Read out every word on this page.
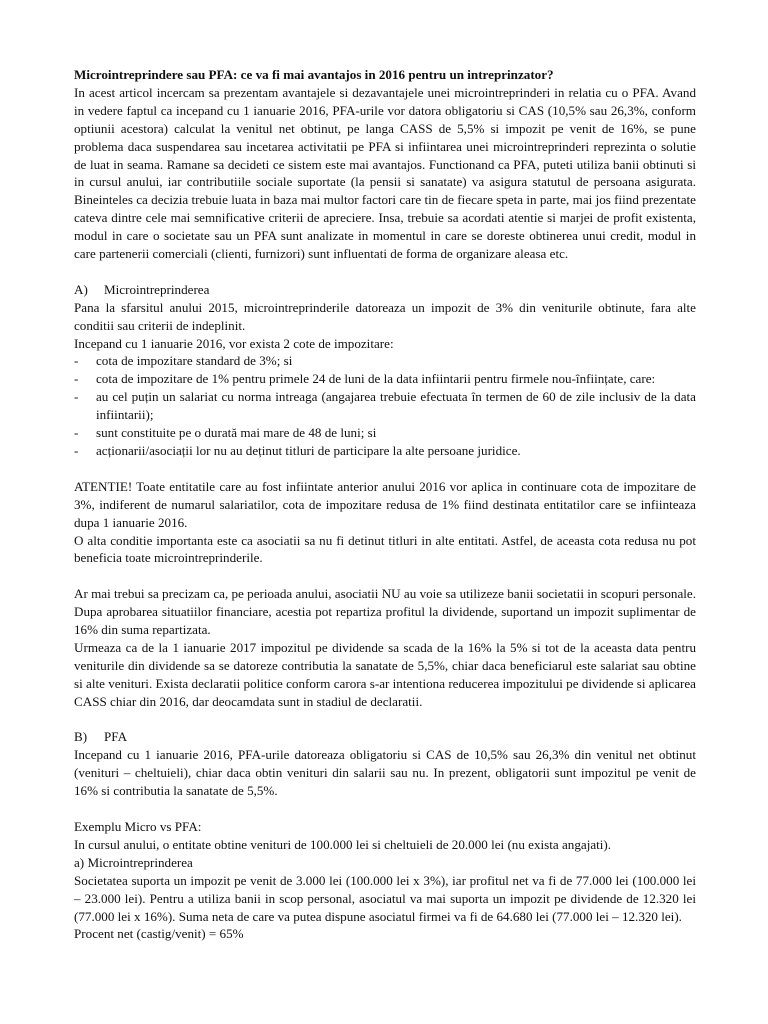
Microintreprindere sau PFA: ce va fi mai avantajos in 2016 pentru un intreprinzator?

In acest articol incercam sa prezentam avantajele si dezavantajele unei microintreprinderi in relatia cu o PFA. Avand in vedere faptul ca incepand cu 1 ianuarie 2016, PFA-urile vor datora obligatoriu si CAS (10,5% sau 26,3%, conform optiunii acestora) calculat la venitul net obtinut, pe langa CASS de 5,5% si impozit pe venit de 16%, se pune problema daca suspendarea sau incetarea activitatii pe PFA si infiintarea unei microintreprinderi reprezinta o solutie de luat in seama. Ramane sa decideti ce sistem este mai avantajos. Functionand ca PFA, puteti utiliza banii obtinuti si in cursul anului, iar contributiile sociale suportate (la pensii si sanatate) va asigura statutul de persoana asigurata. Bineinteles ca decizia trebuie luata in baza mai multor factori care tin de fiecare speta in parte, mai jos fiind prezentate cateva dintre cele mai semnificative criterii de apreciere. Insa, trebuie sa acordati atentie si marjei de profit existenta, modul in care o societate sau un PFA sunt analizate in momentul in care se doreste obtinerea unui credit, modul in care partenerii comerciali (clienti, furnizori) sunt influentati de forma de organizare aleasa etc.

A) Microintreprinderea

Pana la sfarsitul anului 2015, microintreprinderile datoreaza un impozit de 3% din veniturile obtinute, fara alte conditii sau criterii de indeplinit.

Incepand cu 1 ianuarie 2016, vor exista 2 cote de impozitare:

-	cota de impozitare standard de 3%; si
-	cota de impozitare de 1% pentru primele 24 de luni de la data infiintarii pentru firmele nou-înființate, care:
-	au cel puțin un salariat cu norma intreaga (angajarea trebuie efectuata în termen de 60 de zile inclusiv de la data infiintarii);
-	sunt constituite pe o durată mai mare de 48 de luni; si
-	acționarii/asociații lor nu au deținut titluri de participare la alte persoane juridice.

ATENTIE! Toate entitatile care au fost infiintate anterior anului 2016 vor aplica in continuare cota de impozitare de 3%, indiferent de numarul salariatilor, cota de impozitare redusa de 1% fiind destinata entitatilor care se infiinteaza dupa 1 ianuarie 2016.

O alta conditie importanta este ca asociatii sa nu fi detinut titluri in alte entitati. Astfel, de aceasta cota redusa nu pot beneficia toate microintreprinderile.

Ar mai trebui sa precizam ca, pe perioada anului, asociatii NU au voie sa utilizeze banii societatii in scopuri personale. Dupa aprobarea situatiilor financiare, acestia pot repartiza profitul la dividende, suportand un impozit suplimentar de 16% din suma repartizata.

Urmeaza ca de la 1 ianuarie 2017 impozitul pe dividende sa scada de la 16% la 5% si tot de la aceasta data pentru veniturile din dividende sa se datoreze contributia la sanatate de 5,5%, chiar daca beneficiarul este salariat sau obtine si alte venituri. Exista declaratii politice conform carora s-ar intentiona reducerea impozitului pe dividende si aplicarea CASS chiar din 2016, dar deocamdata sunt in stadiul de declaratii.

B) PFA

Incepand cu 1 ianuarie 2016, PFA-urile datoreaza obligatoriu si CAS de 10,5% sau 26,3% din venitul net obtinut (venituri – cheltuieli), chiar daca obtin venituri din salarii sau nu. In prezent, obligatorii sunt impozitul pe venit de 16% si contributia la sanatate de 5,5%.

Exemplu Micro vs PFA:

In cursul anului, o entitate obtine venituri de 100.000 lei si cheltuieli de 20.000 lei (nu exista angajati).

a) Microintreprinderea

Societatea suporta un impozit pe venit de 3.000 lei (100.000 lei x 3%), iar profitul net va fi de 77.000 lei (100.000 lei – 23.000 lei). Pentru a utiliza banii in scop personal, asociatul va mai suporta un impozit pe dividende de 12.320 lei (77.000 lei x 16%). Suma neta de care va putea dispune asociatul firmei va fi de 64.680 lei (77.000 lei – 12.320 lei).

Procent net (castig/venit) = 65%
